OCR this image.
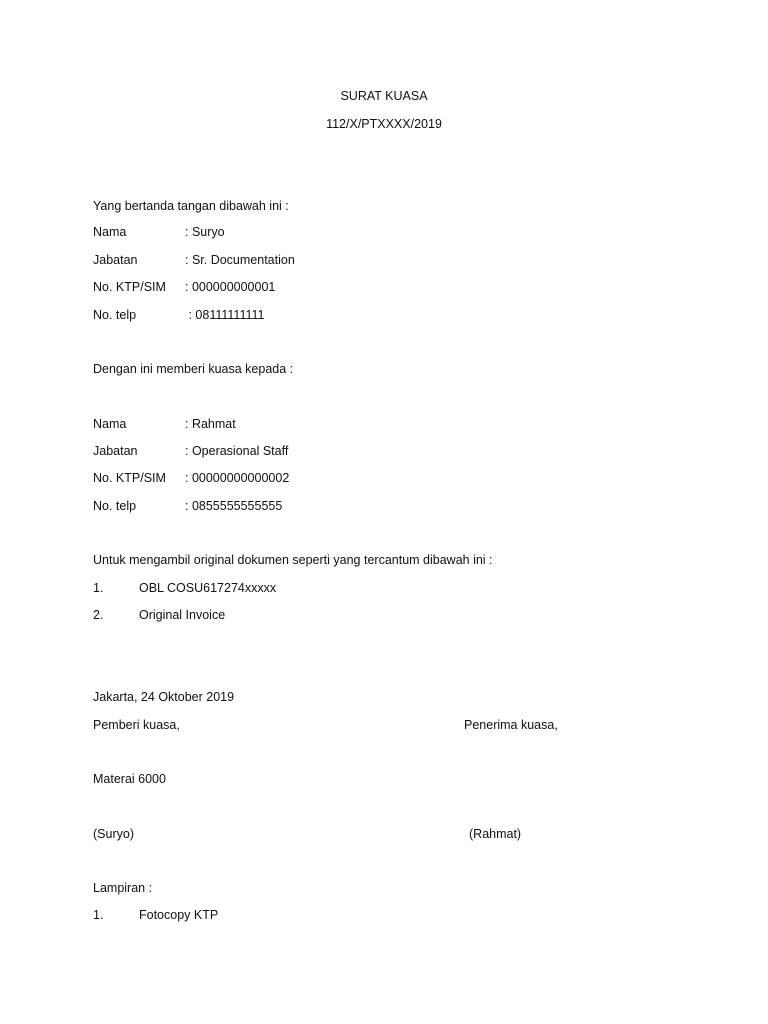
SURAT KUASA
112/X/PTXXXX/2019
Yang bertanda tangan dibawah ini :
Nama	: Suryo
Jabatan	: Sr. Documentation
No. KTP/SIM : 000000000001
No. telp	: 08111111111
Dengan ini memberi kuasa kepada :
Nama	: Rahmat
Jabatan	: Operasional Staff
No. KTP/SIM : 00000000000002
No. telp	: 0855555555555
Untuk mengambil original dokumen seperti yang tercantum dibawah ini :
1.	OBL COSU617274xxxxx
2.	Original Invoice
Jakarta, 24 Oktober 2019
Pemberi kuasa,	Penerima kuasa,
Materai 6000
(Suryo)	(Rahmat)
Lampiran :
1.	Fotocopy KTP
